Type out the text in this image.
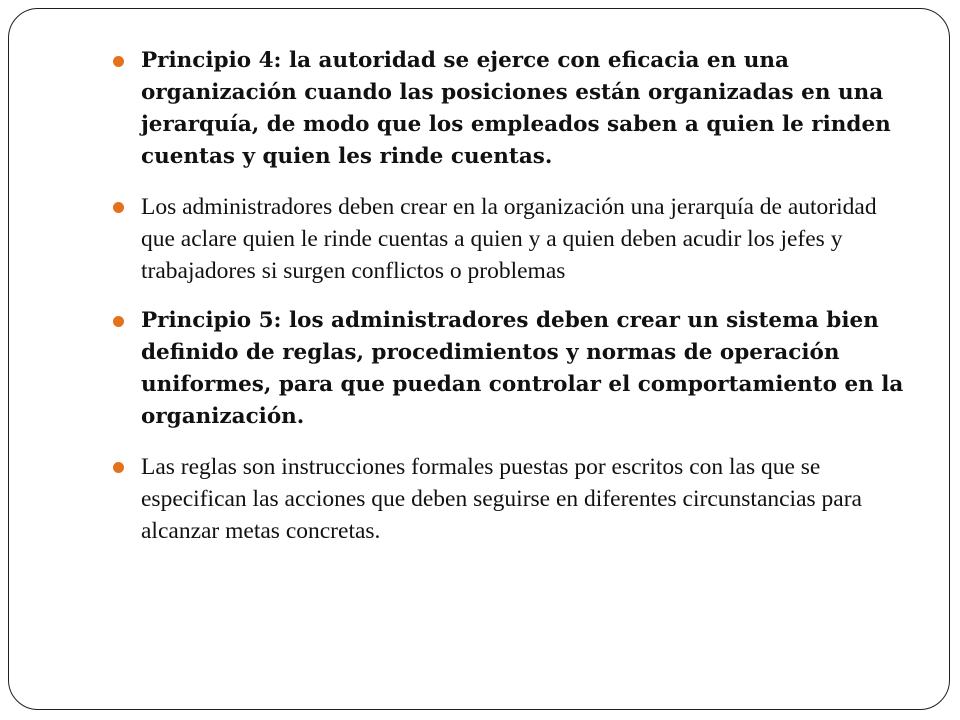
Principio 4: la autoridad se ejerce con eficacia en una organización cuando las posiciones están organizadas en una jerarquía, de modo que los empleados saben a quien le rinden cuentas y quien les rinde cuentas.
Los administradores deben crear en la organización una jerarquía de autoridad que aclare quien le rinde cuentas a quien y a quien deben acudir los jefes y trabajadores si surgen conflictos o problemas
Principio 5: los administradores deben crear un sistema bien definido de reglas, procedimientos y normas de operación uniformes, para que puedan controlar el comportamiento en la organización.
Las reglas son instrucciones formales puestas por escritos con las que se especifican las acciones que deben seguirse en diferentes circunstancias para alcanzar metas concretas.
